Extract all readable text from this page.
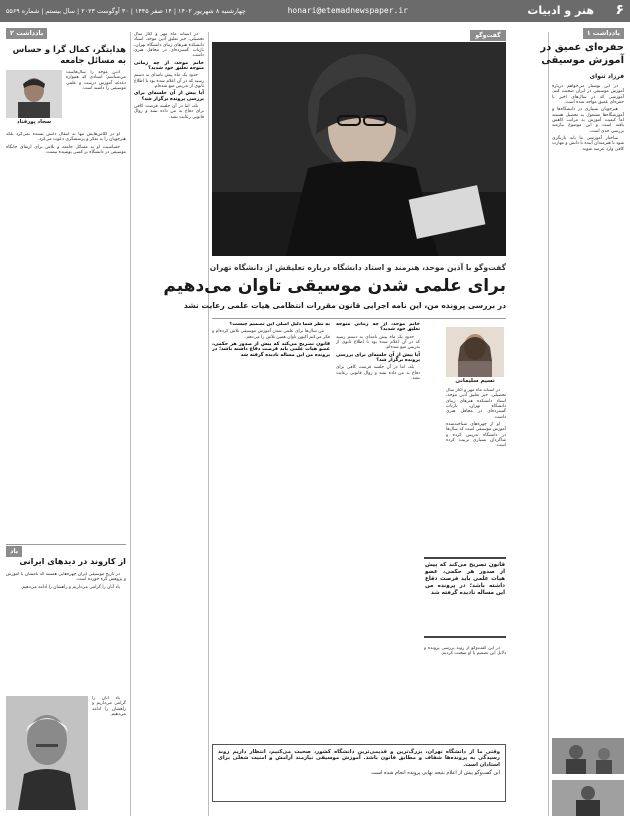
۶
هنر و ادبیات
honari@etemadnewspaper.ir
چهارشنبه ۸ شهریور ۱۴۰۲ | ۱۴ صفر ۱۴۴۵ | ۳۰ آوگوست ۲۰۲۳ | سال بیستم | شماره ۵۵۶۹
یادداشت ۱
حفره‌ای عمیق در آموزش موسیقی
فرزاد ثنوای

در این نوشتار می‌خواهم درباره آموزش موسیقی در ایران صحبت کنم. آموزشی که در سال‌های اخیر با حفره‌ای عمیق مواجه شده است.

هنرجویان بسیاری در دانشگاه‌ها و آموزشگاه‌ها مشغول به تحصیل هستند اما کیفیت آموزش به مراتب کاهش یافته است و این موضوع نیازمند بررسی جدی است.

ساختار آموزشی ما باید بازنگری شود تا هنرمندان آینده با دانش و مهارت کافی وارد عرصه شوند.

گفت‌وگو
گفت‌وگو با آذین موحد، هنرمند و استاد دانشگاه درباره تعلیقش از دانشگاه تهران
برای علمی شدن موسیقی تاوان می‌دهیم
در بررسی پرونده من، این نامه اجرایی قانون مقررات انتظامی هیات علمی رعایت نشد
نسیم سلیمانی

در آستانه ماه مهر و آغاز سال تحصیلی، خبر تعلیق آذین موحد، استاد دانشکده هنرهای زیبای دانشگاه تهران، بازتاب گسترده‌ای در محافل هنری داشت.

او از چهره‌های شناخته‌شده آموزش موسیقی است که سال‌ها در دانشگاه تدریس کرده و شاگردان بسیاری تربیت کرده است.

در این گفت‌وگو از روند بررسی پرونده و دلایل این تصمیم با او صحبت کردیم.

خانم موحد، از چه زمانی متوجه تعلیق خود شدید؟

حدود یک ماه پیش نامه‌ای به دستم رسید که در آن اعلام شده بود تا اطلاع ثانوی از تدریس منع شده‌ام.

آیا پیش از آن جلسه‌ای برای بررسی پرونده برگزار شد؟

بله، اما در آن جلسه فرصت کافی برای دفاع به من داده نشد و روال قانونی رعایت نشد.

به نظر شما دلیل اصلی این تصمیم چیست؟

من سال‌ها برای علمی شدن آموزش موسیقی تلاش کرده‌ام و فکر می‌کنم اکنون تاوان همین تلاش را می‌دهم.

قانون تصریح می‌کند که پیش از صدور هر حکمی، عضو هیات علمی باید فرصت دفاع داشته باشد؛ در پرونده من این مساله نادیده گرفته شد

قانون تصریح می‌کند که پیش از صدور هر حکمی، عضو هیات علمی باید فرصت دفاع داشته باشد؛ در پرونده من این مساله نادیده گرفته شد
وقتی ما از دانشگاه تهران، بزرگ‌ترین و قدیمی‌ترین دانشگاه کشور، صحبت می‌کنیم، انتظار داریم روند رسیدگی به پرونده‌ها شفاف و مطابق قانون باشد. آموزش موسیقی نیازمند آرامش و امنیت شغلی برای استادان است.
این گفت‌وگو پیش از اعلام نتیجه نهایی پرونده انجام شده است.

در آستانه ماه مهر و آغاز سال تحصیلی، خبر تعلیق آذین موحد، استاد دانشکده هنرهای زیبای دانشگاه تهران، بازتاب گسترده‌ای در محافل هنری داشت.

خانم موحد، از چه زمانی متوجه تعلیق خود شدید؟

حدود یک ماه پیش نامه‌ای به دستم رسید که در آن اعلام شده بود تا اطلاع ثانوی از تدریس منع شده‌ام.

آیا پیش از آن جلسه‌ای برای بررسی پرونده برگزار شد؟

بله، اما در آن جلسه فرصت کافی برای دفاع به من داده نشد و روال قانونی رعایت نشد.

یادداشت ۲
هدایتگر، کمال گرا و حساس به مسائل جامعه
سجاد پورقناد

آذین موحد را سال‌هاست می‌شناسم؛ استادی که همواره دغدغه آموزش درست و علمی موسیقی را داشته است.

او در کلاس‌هایش تنها به انتقال دانش بسنده نمی‌کرد بلکه هنرجویان را به تفکر و پرسشگری دعوت می‌کرد.

حساسیت او به مسائل جامعه و تلاش برای ارتقای جایگاه موسیقی در دانشگاه بر کسی پوشیده نیست.

یاد
از کاروند در دیدهای ایرانی

در تاریخ موسیقی ایران چهره‌هایی هستند که نامشان با آموزش و پژوهش گره خورده است.

یاد آنان را گرامی می‌داریم و راهشان را ادامه می‌دهیم.

یاد آنان را گرامی می‌داریم و راهشان را ادامه می‌دهیم.
